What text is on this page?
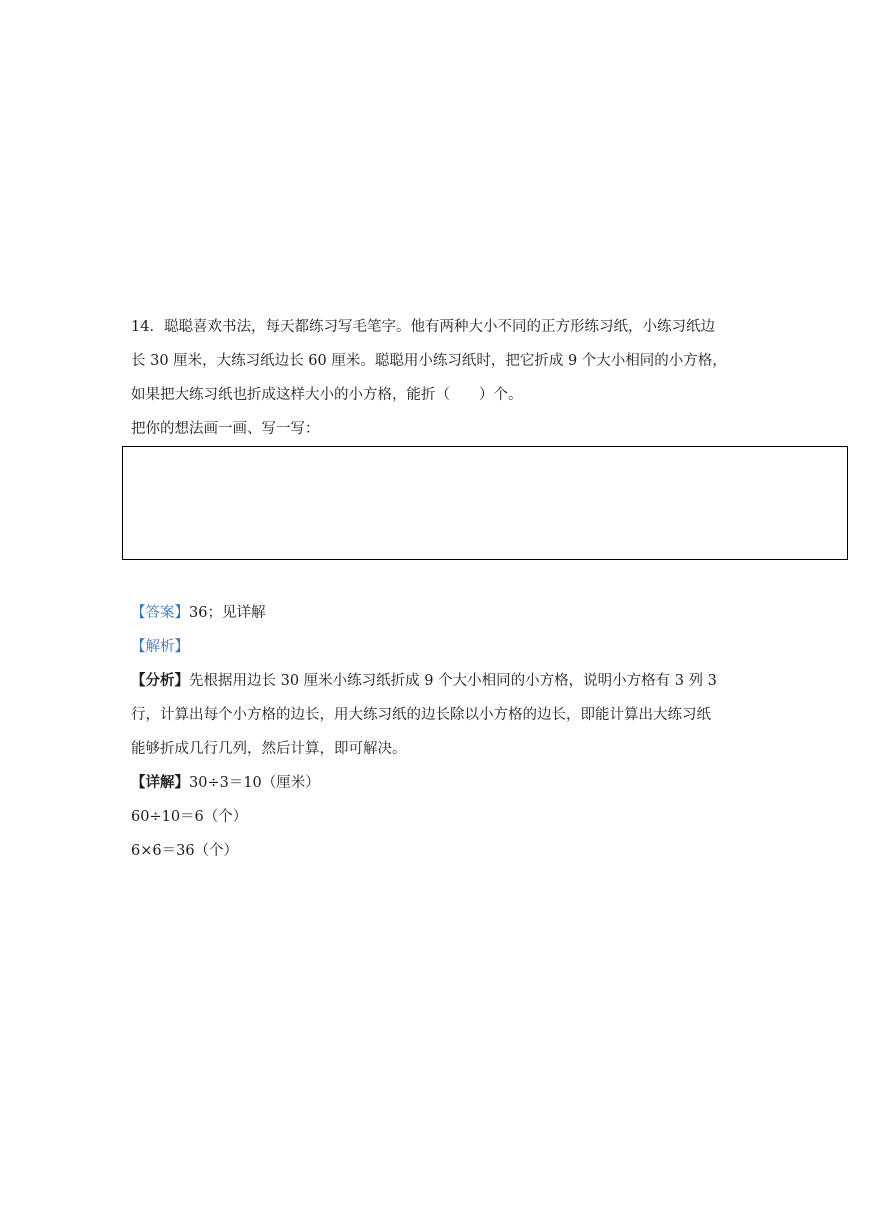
14．聪聪喜欢书法，每天都练习写毛笔字。他有两种大小不同的正方形练习纸，小练习纸边
长 30 厘米，大练习纸边长 60 厘米。聪聪用小练习纸时，把它折成 9 个大小相同的小方格，
如果把大练习纸也折成这样大小的小方格，能折（　　）个。
把你的想法画一画、写一写：
【答案】36；见详解
【解析】
【分析】先根据用边长 30 厘米小练习纸折成 9 个大小相同的小方格，说明小方格有 3 列 3
行，计算出每个小方格的边长，用大练习纸的边长除以小方格的边长，即能计算出大练习纸
能够折成几行几列，然后计算，即可解决。
【详解】30÷3＝10（厘米）
60÷10＝6（个）
6×6＝36（个）
